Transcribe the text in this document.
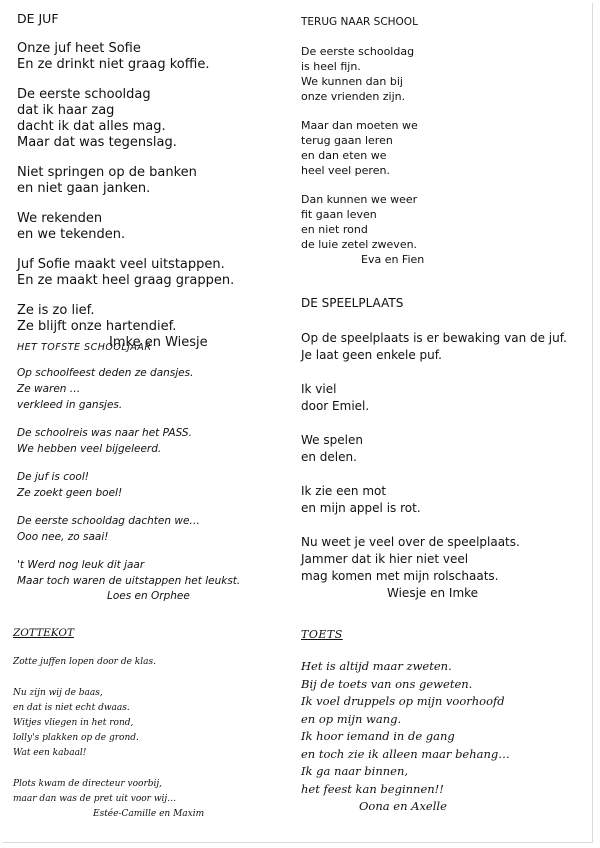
DE JUF
Onze juf heet Sofie
En ze drinkt niet graag koffie.
De eerste schooldag
dat ik haar zag
dacht ik dat alles mag.
Maar dat was tegenslag.
Niet springen op de banken
en niet gaan janken.
We rekenden
en we tekenden.
Juf Sofie maakt veel uitstappen.
En ze maakt heel graag grappen.
Ze is zo lief.
Ze blijft onze hartendief.
Imke en Wiesje
HET TOFSTE SCHOOLJAAR
Op schoolfeest deden ze dansjes.
Ze waren …
verkleed in gansjes.
De schoolreis was naar het PASS.
We hebben veel bijgeleerd.
De juf is cool!
Ze zoekt geen boel!
De eerste schooldag dachten we…
Ooo nee, zo saai!
't Werd nog leuk dit jaar
Maar toch waren de uitstappen het leukst.
Loes en Orphee
ZOTTEKOT
Zotte juffen lopen door de klas.
Nu zijn wij de baas,
en dat is niet echt dwaas.
Witjes vliegen in het rond,
lolly's plakken op de grond.
Wat een kabaal!
Plots kwam de directeur voorbij,
maar dan was de pret uit voor wij…
Estée-Camille en Maxim
TERUG NAAR SCHOOL
De eerste schooldag
is heel fijn.
We kunnen dan bij
onze vrienden zijn.
Maar dan moeten we
terug gaan leren
en dan eten we
heel veel peren.
Dan kunnen we weer
fit gaan leven
en niet rond
de luie zetel zweven.
Eva en Fien
DE SPEELPLAATS
Op de speelplaats is er bewaking van de juf.
Je laat geen enkele puf.
Ik viel
door Emiel.
We spelen
en delen.
Ik zie een mot
en mijn appel is rot.
Nu weet je veel over de speelplaats.
Jammer dat ik hier niet veel
mag komen met mijn rolschaats.
Wiesje en Imke
TOETS
Het is altijd maar zweten.
Bij de toets van ons geweten.
Ik voel druppels op mijn voorhoofd
en op mijn wang.
Ik hoor iemand in de gang
en toch zie ik alleen maar behang…
Ik ga naar binnen,
het feest kan beginnen!!
Oona en Axelle
